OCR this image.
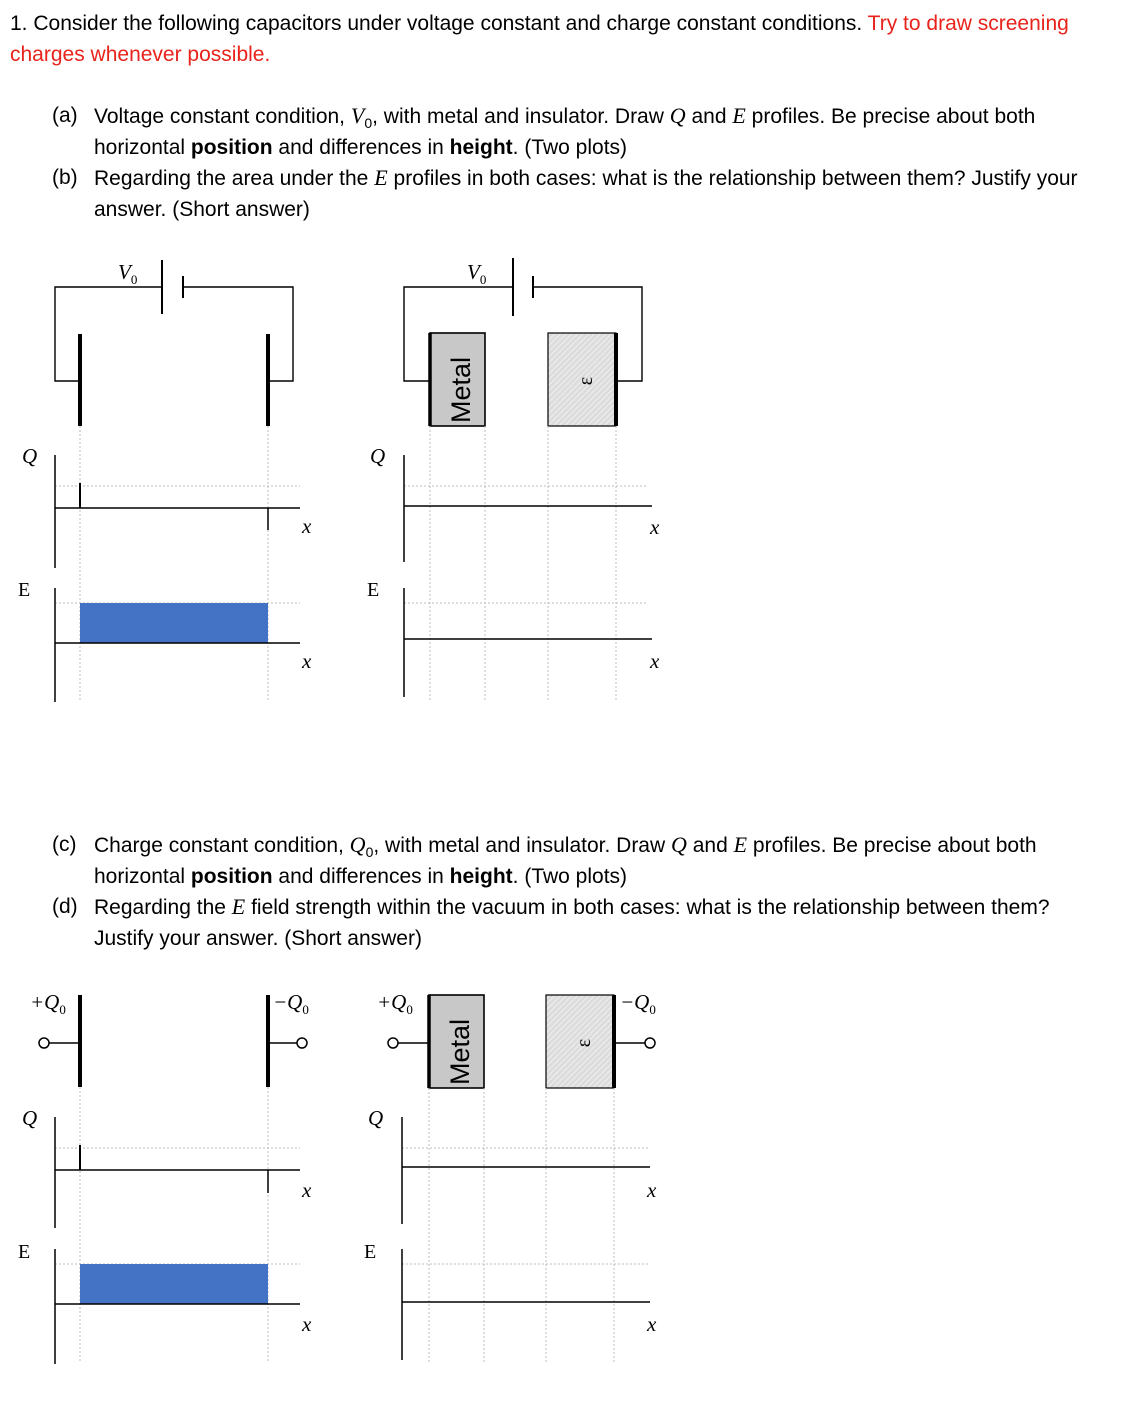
1. Consider the following capacitors under voltage constant and charge constant conditions. Try to draw screening charges whenever possible.
(a) Voltage constant condition, $V_0$, with metal and insulator. Draw Q and E profiles. Be precise about both horizontal position and differences in height. (Two plots)
(b) Regarding the area under the E profiles in both cases: what is the relationship between them? Justify your answer. (Short answer)
(c) Charge constant condition, $Q_0$, with metal and insulator. Draw Q and E profiles. Be precise about both horizontal position and differences in height. (Two plots)
(d) Regarding the E field strength within the vacuum in both cases: what is the relationship between them? Justify your answer. (Short answer)
$V_0$
Q
x
E
x
$V_0$
Metal	ε
Q
x
E
x
$+Q_0$	$-Q_0$
Q
x
E
x
$+Q_0$
Metal	ε
$-Q_0$
Q
x
E
x
